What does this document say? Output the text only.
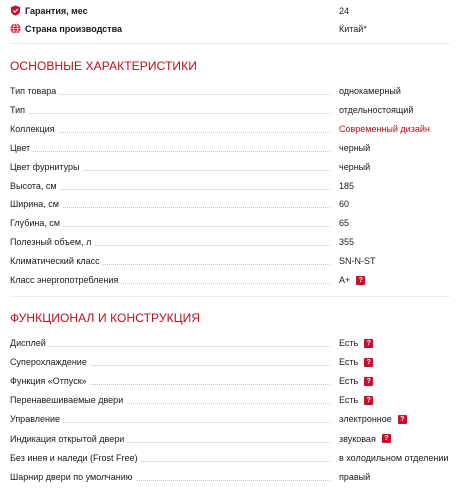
Гарантия, мес	24
Страна производства	Китай*
ОСНОВНЫЕ ХАРАКТЕРИСТИКИ
Тип товара	однокамерный
Тип	отдельностоящий
Коллекция	Современный дизайн
Цвет	черный
Цвет фурнитуры	черный
Высота, см	185
Ширина, см	60
Глубина, см	65
Полезный объем, л	355
Климатический класс	SN-N-ST
Класс энергопотребления	A+	?
ФУНКЦИОНАЛ И КОНСТРУКЦИЯ
Дисплей	Есть	?
Суперохлаждение	Есть	?
Функция «Отпуск»	Есть	?
Перенавешиваемые двери	Есть	?
Управление	электронное	?
Индикация открытой двери	звуковая	?
Без инея и наледи (Frost Free)	в холодильном отделении
Шарнир двери по умолчанию	правый
